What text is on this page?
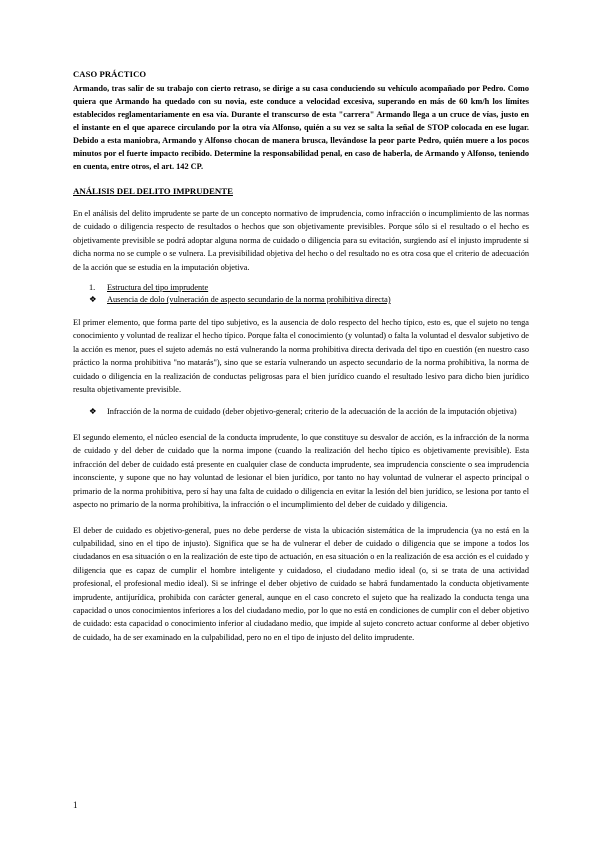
CASO PRÁCTICO

Armando, tras salir de su trabajo con cierto retraso, se dirige a su casa conduciendo su vehículo acompañado por Pedro. Como quiera que Armando ha quedado con su novia, este conduce a velocidad excesiva, superando en más de 60 km/h los límites establecidos reglamentariamente en esa vía. Durante el transcurso de esta "carrera" Armando llega a un cruce de vías, justo en el instante en el que aparece circulando por la otra vía Alfonso, quién a su vez se salta la señal de STOP colocada en ese lugar. Debido a esta maniobra, Armando y Alfonso chocan de manera brusca, llevándose la peor parte Pedro, quién muere a los pocos minutos por el fuerte impacto recibido. Determine la responsabilidad penal, en caso de haberla, de Armando y Alfonso, teniendo en cuenta, entre otros, el art. 142 CP.

ANÁLISIS DEL DELITO IMPRUDENTE

En el análisis del delito imprudente se parte de un concepto normativo de imprudencia, como infracción o incumplimiento de las normas de cuidado o diligencia respecto de resultados o hechos que son objetivamente previsibles. Porque sólo si el resultado o el hecho es objetivamente previsible se podrá adoptar alguna norma de cuidado o diligencia para su evitación, surgiendo así el injusto imprudente si dicha norma no se cumple o se vulnera. La previsibilidad objetiva del hecho o del resultado no es otra cosa que el criterio de adecuación de la acción que se estudia en la imputación objetiva.

1.	Estructura del tipo imprudente
❖	Ausencia de dolo (vulneración de aspecto secundario de la norma prohibitiva directa)

El primer elemento, que forma parte del tipo subjetivo, es la ausencia de dolo respecto del hecho típico, esto es, que el sujeto no tenga conocimiento y voluntad de realizar el hecho típico. Porque falta el conocimiento (y voluntad) o falta la voluntad el desvalor subjetivo de la acción es menor, pues el sujeto además no está vulnerando la norma prohibitiva directa derivada del tipo en cuestión (en nuestro caso práctico la norma prohibitiva "no matarás"), sino que se estaría vulnerando un aspecto secundario de la norma prohibitiva, la norma de cuidado o diligencia en la realización de conductas peligrosas para el bien jurídico cuando el resultado lesivo para dicho bien jurídico resulta objetivamente previsible.

❖	Infracción de la norma de cuidado (deber objetivo-general; criterio de la adecuación de la acción de la imputación objetiva)

El segundo elemento, el núcleo esencial de la conducta imprudente, lo que constituye su desvalor de acción, es la infracción de la norma de cuidado y del deber de cuidado que la norma impone (cuando la realización del hecho típico es objetivamente previsible). Esta infracción del deber de cuidado está presente en cualquier clase de conducta imprudente, sea imprudencia consciente o sea imprudencia inconsciente, y supone que no hay voluntad de lesionar el bien jurídico, por tanto no hay voluntad de vulnerar el aspecto principal o primario de la norma prohibitiva, pero sí hay una falta de cuidado o diligencia en evitar la lesión del bien jurídico, se lesiona por tanto el aspecto no primario de la norma prohibitiva, la infracción o el incumplimiento del deber de cuidado y diligencia.

El deber de cuidado es objetivo-general, pues no debe perderse de vista la ubicación sistemática de la imprudencia (ya no está en la culpabilidad, sino en el tipo de injusto). Significa que se ha de vulnerar el deber de cuidado o diligencia que se impone a todos los ciudadanos en esa situación o en la realización de este tipo de actuación, en esa situación o en la realización de esa acción es el cuidado y diligencia que es capaz de cumplir el hombre inteligente y cuidadoso, el ciudadano medio ideal (o, si se trata de una actividad profesional, el profesional medio ideal). Si se infringe el deber objetivo de cuidado se habrá fundamentado la conducta objetivamente imprudente, antijurídica, prohibida con carácter general, aunque en el caso concreto el sujeto que ha realizado la conducta tenga una capacidad o unos conocimientos inferiores a los del ciudadano medio, por lo que no está en condiciones de cumplir con el deber objetivo de cuidado: esta capacidad o conocimiento inferior al ciudadano medio, que impide al sujeto concreto actuar conforme al deber objetivo de cuidado, ha de ser examinado en la culpabilidad, pero no en el tipo de injusto del delito imprudente.

1
